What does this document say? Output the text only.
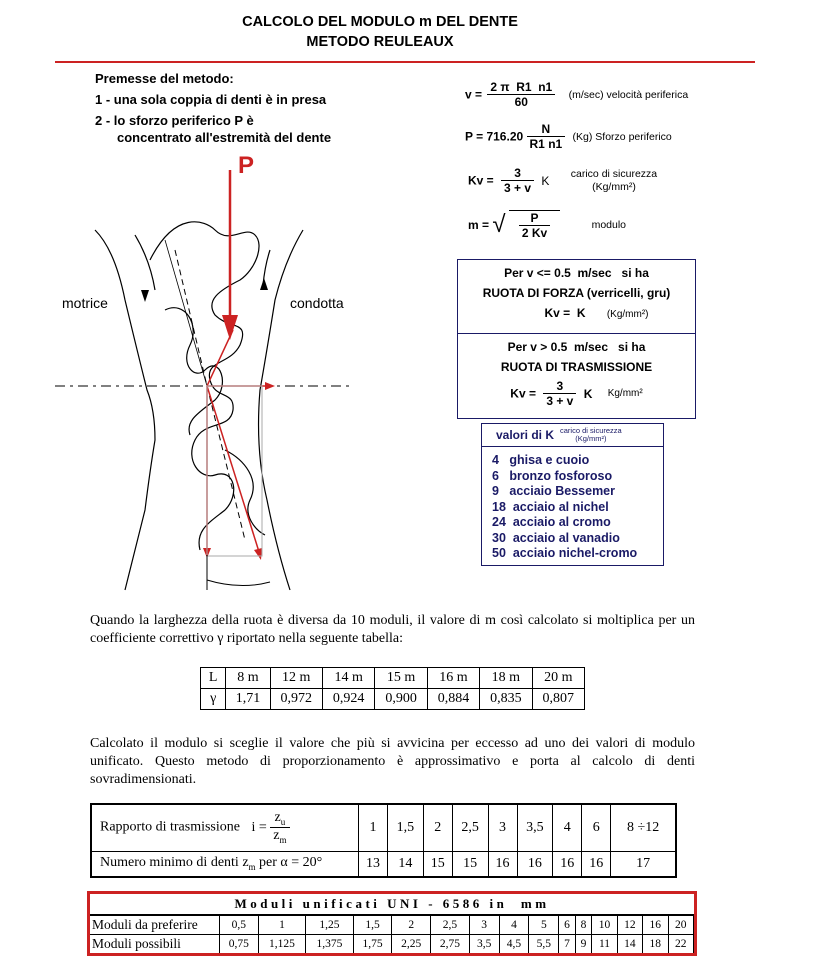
CALCOLO DEL MODULO m DEL DENTE
METODO REULEAUX
Premesse del metodo:
1 - una sola coppia di denti è in presa
2 - lo sforzo periferico P è
concentrato all'estremità del dente
P
motrice	condotta
$v = \frac{\text{2 π  R1  n1}}{60} (m/\sec)$ velocità periferica
$P = 716.20 \frac{N}{R1 n1} (Kg)$ Sforzo periferico
$Kv = \frac{3}{3 + v}$ K carico di sicurezza
(Kg/mm²)
m = √ $\frac{P}{2 Kv}$	modulo
Per v <= 0.5  m/sec   si ha
RUOTA DI FORZA (verricelli, gru)
Kv =  K (Kg/mm²)
Per v > 0.5  m/sec   si ha
RUOTA DI TRASMISSIONE
$Kv = \frac{3}{3 + v}$ K Kg/mm²
valori di K carico di sicurezza
(Kg/mm²)
4   ghisa e cuoio
6   bronzo fosforoso
9   acciaio Bessemer
18  acciaio al nichel
24  acciaio al cromo
30  acciaio al vanadio
50  acciaio nichel-cromo
Quando la larghezza della ruota è diversa da 10 moduli, il valore di m così calcolato si moltiplica per un coefficiente correttivo γ riportato nella seguente tabella:
L	8 m	12 m	14 m	15 m	16 m	18 m	20 m
γ	1,71	0,972	0,924	0,900	0,884	0,835	0,807
Calcolato il modulo si sceglie il valore che più si avvicina per eccesso ad uno dei valori di modulo unificato. Questo metodo di proporzionamento è approssimativo e porta al calcolo di denti sovradimensionati.
Rapporto di trasmissione $i = \frac{z_u}{z_m}$	1	1,5	2	2,5	3	3,5	4	6	8 ÷12
Numero minimo di denti $z_m$ per α = 20°	13	14	15	15	16	16	16	16	17
Moduli unificati UNI - 6586 in  mm
Moduli da preferire	0,5	1	1,25	1,5	2	2,5	3	4	5	6	8	10	12	16	20
Moduli possibili	0,75	1,125	1,375	1,75	2,25	2,75	3,5	4,5	5,5	7	9	11	14	18	22
